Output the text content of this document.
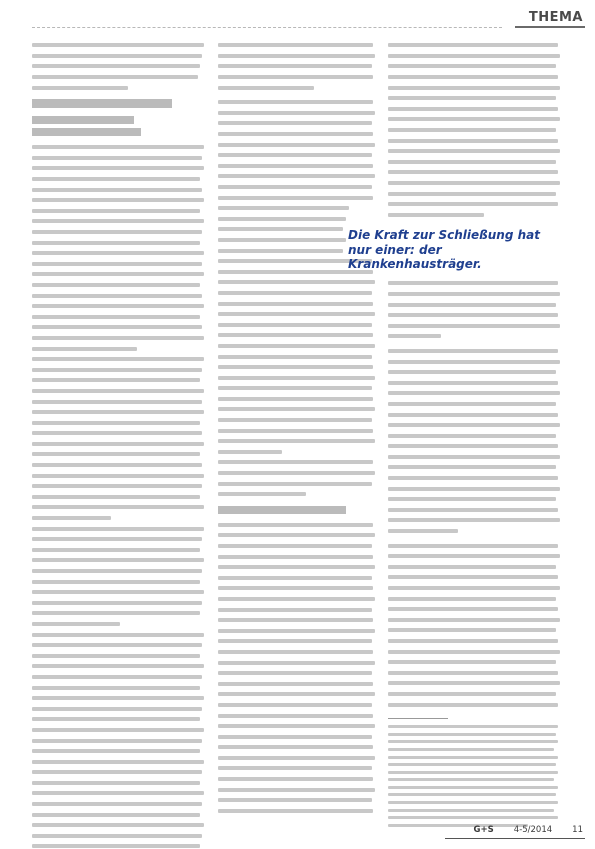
THEMA
Die Kraft zur Schließung hat nur einer: der Krankenhausträger.
G+S 4-5/2014 11
